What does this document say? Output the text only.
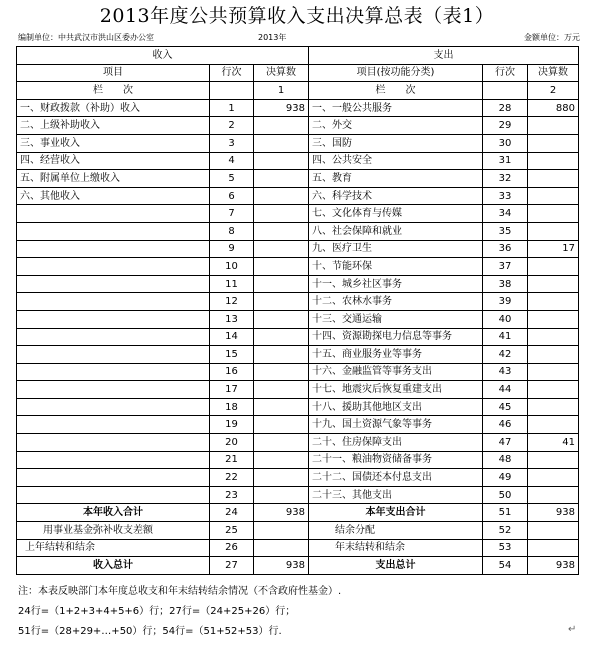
2013年度公共预算收入支出决算总表（表1）
编制单位：中共武汉市洪山区委办公室	2013年	金额单位：万元
收入			支出		
项目	行次	决算数	项目(按功能分类)	行次	决算数
栏　　次		1	栏　　次		2
一、财政拨款（补助）收入	1	938	一、一般公共服务	28	880
二、上级补助收入	2		二、外交	29	
三、事业收入	3		三、国防	30	
四、经营收入	4		四、公共安全	31	
五、附属单位上缴收入	5		五、教育	32	
六、其他收入	6		六、科学技术	33	
	7		七、文化体育与传媒	34	
	8		八、社会保障和就业	35	
	9		九、医疗卫生	36	17
	10		十、节能环保	37	
	11		十一、城乡社区事务	38	
	12		十二、农林水事务	39	
	13		十三、交通运输	40	
	14		十四、资源勘探电力信息等事务	41	
	15		十五、商业服务业等事务	42	
	16		十六、金融监管等事务支出	43	
	17		十七、地震灾后恢复重建支出	44	
	18		十八、援助其他地区支出	45	
	19		十九、国土资源气象等事务	46	
	20		二十、住房保障支出	47	41
	21		二十一、粮油物资储备事务	48	
	22		二十二、国债还本付息支出	49	
	23		二十三、其他支出	50	
本年收入合计	24	938	本年支出合计	51	938
用事业基金弥补收支差额	25		结余分配	52	
上年结转和结余	26		年末结转和结余	53	
收入总计	27	938	支出总计	54	938
注：本表反映部门本年度总收支和年末结转结余情况（不含政府性基金）.
24行=（1+2+3+4+5+6）行；27行=（24+25+26）行；
51行=（28+29+…+50）行；54行=（51+52+53）行.	↵
